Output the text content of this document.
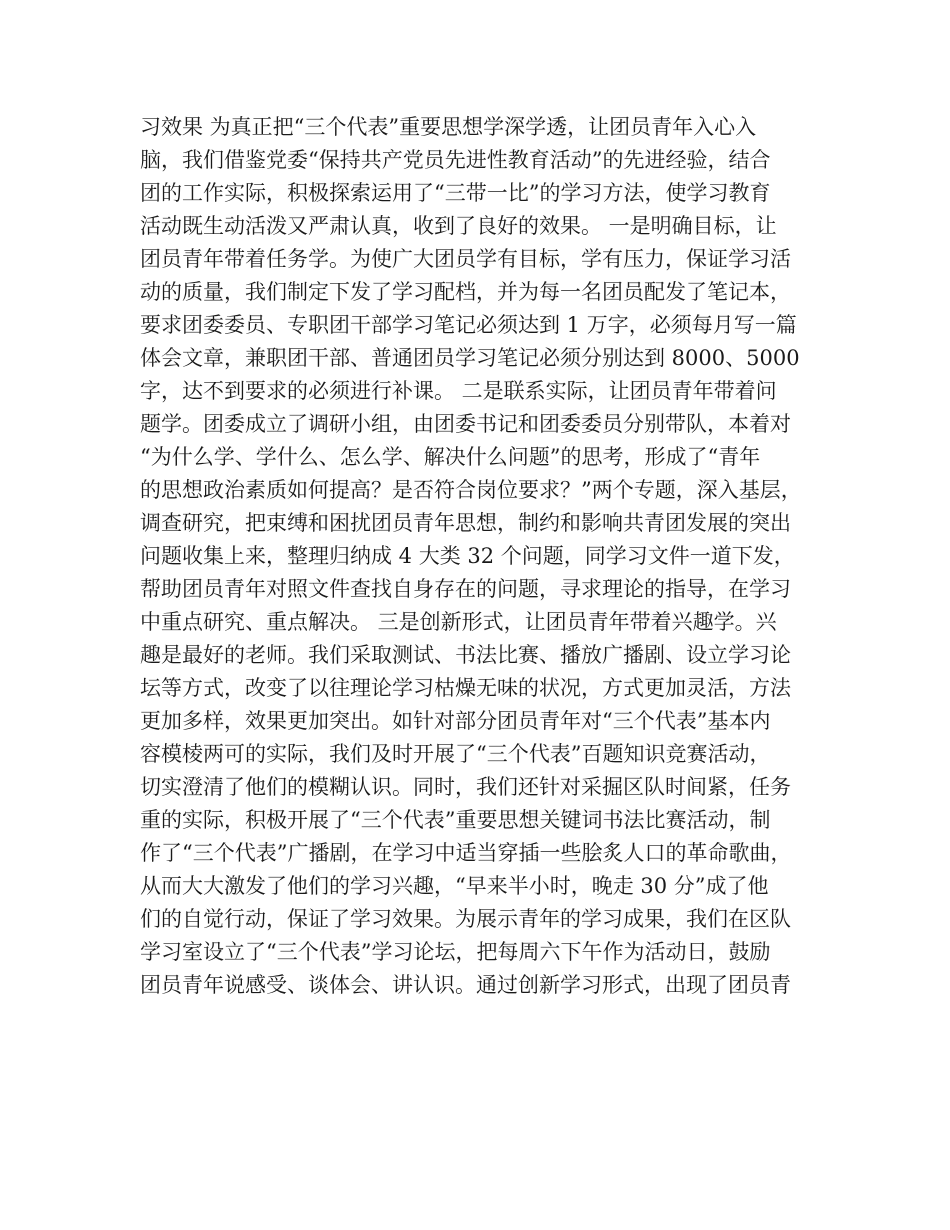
习效果 为真正把“三个代表”重要思想学深学透，让团员青年入心入
脑，我们借鉴党委“保持共产党员先进性教育活动”的先进经验，结合
团的工作实际，积极探索运用了“三带一比”的学习方法，使学习教育
活动既生动活泼又严肃认真，收到了良好的效果。 一是明确目标，让
团员青年带着任务学。为使广大团员学有目标，学有压力，保证学习活
动的质量，我们制定下发了学习配档，并为每一名团员配发了笔记本，
要求团委委员、专职团干部学习笔记必须达到 1 万字，必须每月写一篇
体会文章，兼职团干部、普通团员学习笔记必须分别达到 8000、5000
字，达不到要求的必须进行补课。 二是联系实际，让团员青年带着问
题学。团委成立了调研小组，由团委书记和团委委员分别带队，本着对
“为什么学、学什么、怎么学、解决什么问题”的思考，形成了“青年
的思想政治素质如何提高？是否符合岗位要求？”两个专题，深入基层，
调查研究，把束缚和困扰团员青年思想，制约和影响共青团发展的突出
问题收集上来，整理归纳成 4 大类 32 个问题，同学习文件一道下发，
帮助团员青年对照文件查找自身存在的问题，寻求理论的指导，在学习
中重点研究、重点解决。 三是创新形式，让团员青年带着兴趣学。兴
趣是最好的老师。我们采取测试、书法比赛、播放广播剧、设立学习论
坛等方式，改变了以往理论学习枯燥无味的状况，方式更加灵活，方法
更加多样，效果更加突出。如针对部分团员青年对“三个代表”基本内
容模棱两可的实际，我们及时开展了“三个代表”百题知识竞赛活动，
切实澄清了他们的模糊认识。同时，我们还针对采掘区队时间紧，任务
重的实际，积极开展了“三个代表”重要思想关键词书法比赛活动，制
作了“三个代表”广播剧，在学习中适当穿插一些脍炙人口的革命歌曲，
从而大大激发了他们的学习兴趣，“早来半小时，晚走 30 分”成了他
们的自觉行动，保证了学习效果。为展示青年的学习成果，我们在区队
学习室设立了“三个代表”学习论坛，把每周六下午作为活动日，鼓励
团员青年说感受、谈体会、讲认识。通过创新学习形式，出现了团员青
